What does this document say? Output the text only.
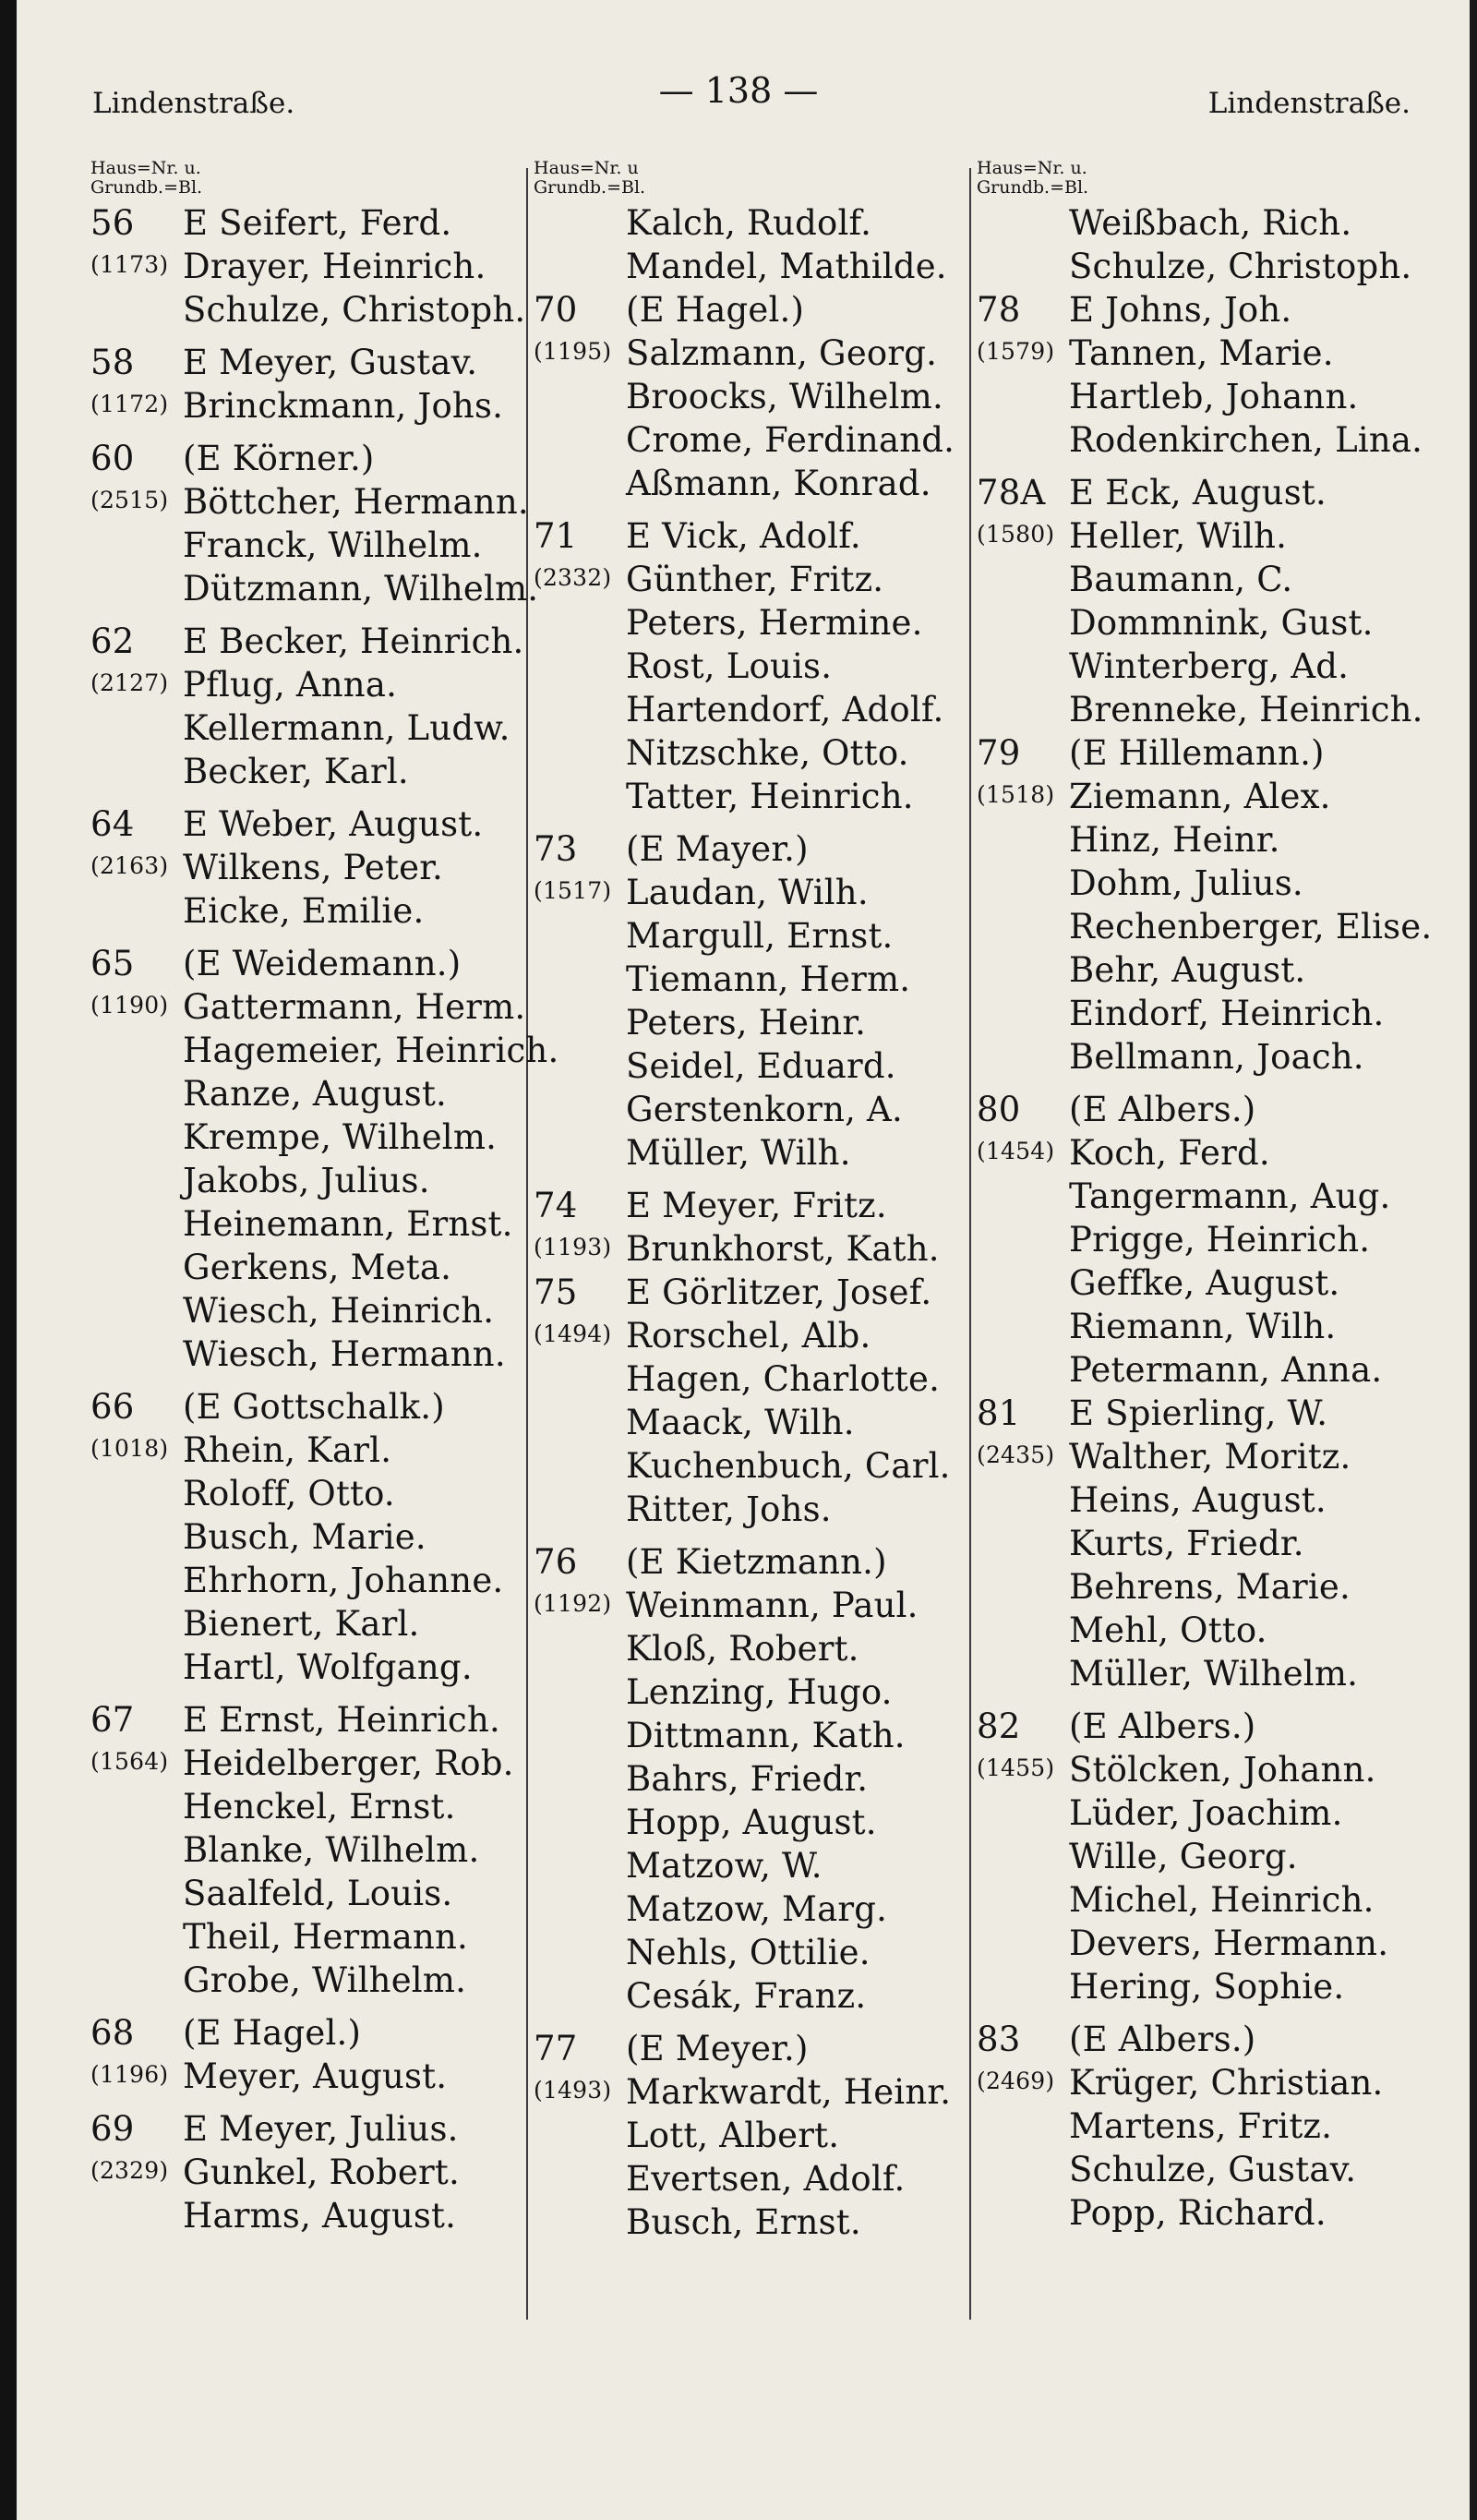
Lindenstraße.	— 138 —	Lindenstraße.
Haus=Nr. u.
Grundb.=Bl.
56	E Seifert, Ferd.
(1173) Drayer, Heinrich.
Schulze, Christoph.
58	E Meyer, Gustav.
(1172) Brinckmann, Johs.
60	(E Körner.)
(2515) Böttcher, Hermann.
Franck, Wilhelm.
Dützmann, Wilhelm.
62	E Becker, Heinrich.
(2127) Pflug, Anna.
Kellermann, Ludw.
Becker, Karl.
64	E Weber, August.
(2163) Wilkens, Peter.
Eicke, Emilie.
65	(E Weidemann.)
(1190) Gattermann, Herm.
Hagemeier, Heinrich.
Ranze, August.
Krempe, Wilhelm.
Jakobs, Julius.
Heinemann, Ernst.
Gerkens, Meta.
Wiesch, Heinrich.
Wiesch, Hermann.
66	(E Gottschalk.)
(1018) Rhein, Karl.
Roloff, Otto.
Busch, Marie.
Ehrhorn, Johanne.
Bienert, Karl.
Hartl, Wolfgang.
67	E Ernst, Heinrich.
(1564) Heidelberger, Rob.
Henckel, Ernst.
Blanke, Wilhelm.
Saalfeld, Louis.
Theil, Hermann.
Grobe, Wilhelm.
68	(E Hagel.)
(1196) Meyer, August.
69	E Meyer, Julius.
(2329) Gunkel, Robert.
Harms, August.
Haus=Nr. u
Grundb.=Bl.
Kalch, Rudolf.
Mandel, Mathilde.
70	(E Hagel.)
(1195) Salzmann, Georg.
Broocks, Wilhelm.
Crome, Ferdinand.
Aßmann, Konrad.
71	E Vick, Adolf.
(2332) Günther, Fritz.
Peters, Hermine.
Rost, Louis.
Hartendorf, Adolf.
Nitzschke, Otto.
Tatter, Heinrich.
73	(E Mayer.)
(1517) Laudan, Wilh.
Margull, Ernst.
Tiemann, Herm.
Peters, Heinr.
Seidel, Eduard.
Gerstenkorn, A.
Müller, Wilh.
74	E Meyer, Fritz.
(1193) Brunkhorst, Kath.
75	E Görlitzer, Josef.
(1494) Rorschel, Alb.
Hagen, Charlotte.
Maack, Wilh.
Kuchenbuch, Carl.
Ritter, Johs.
76	(E Kietzmann.)
(1192) Weinmann, Paul.
Kloß, Robert.
Lenzing, Hugo.
Dittmann, Kath.
Bahrs, Friedr.
Hopp, August.
Matzow, W.
Matzow, Marg.
Nehls, Ottilie.
Cesák, Franz.
77	(E Meyer.)
(1493) Markwardt, Heinr.
Lott, Albert.
Evertsen, Adolf.
Busch, Ernst.
Haus=Nr. u.
Grundb.=Bl.
Weißbach, Rich.
Schulze, Christoph.
78	E Johns, Joh.
(1579) Tannen, Marie.
Hartleb, Johann.
Rodenkirchen, Lina.
78A E Eck, August.
(1580) Heller, Wilh.
Baumann, C.
Dommnink, Gust.
Winterberg, Ad.
Brenneke, Heinrich.
79	(E Hillemann.)
(1518) Ziemann, Alex.
Hinz, Heinr.
Dohm, Julius.
Rechenberger, Elise.
Behr, August.
Eindorf, Heinrich.
Bellmann, Joach.
80	(E Albers.)
(1454) Koch, Ferd.
Tangermann, Aug.
Prigge, Heinrich.
Geffke, August.
Riemann, Wilh.
Petermann, Anna.
81	E Spierling, W.
(2435) Walther, Moritz.
Heins, August.
Kurts, Friedr.
Behrens, Marie.
Mehl, Otto.
Müller, Wilhelm.
82	(E Albers.)
(1455) Stölcken, Johann.
Lüder, Joachim.
Wille, Georg.
Michel, Heinrich.
Devers, Hermann.
Hering, Sophie.
83	(E Albers.)
(2469) Krüger, Christian.
Martens, Fritz.
Schulze, Gustav.
Popp, Richard.
